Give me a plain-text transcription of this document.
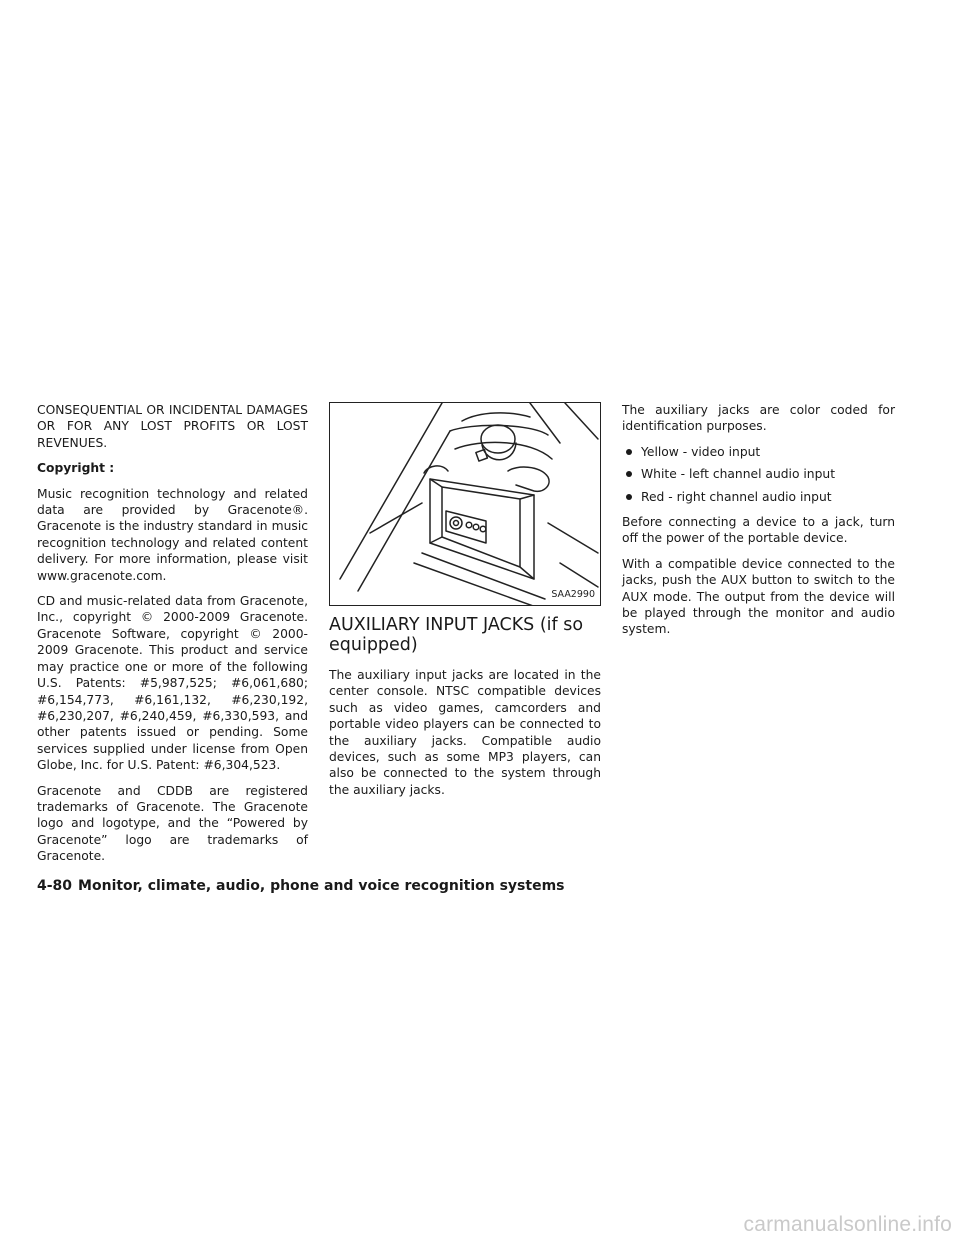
CONSEQUENTIAL OR INCIDENTAL DAMAGES OR FOR ANY LOST PROFITS OR LOST REVENUES.

Copyright :

Music recognition technology and related data are provided by Gracenote®. Gracenote is the industry standard in music recognition technology and related content delivery. For more information, please visit www.gracenote.com.

CD and music-related data from Gracenote, Inc., copyright © 2000-2009 Gracenote. Gracenote Software, copyright © 2000-2009 Gracenote. This product and service may practice one or more of the following U.S. Patents: #5,987,525; #6,061,680; #6,154,773, #6,161,132, #6,230,192, #6,230,207, #6,240,459, #6,330,593, and other patents issued or pending. Some services supplied under license from Open Globe, Inc. for U.S. Patent: #6,304,523.

Gracenote and CDDB are registered trademarks of Gracenote. The Gracenote logo and logotype, and the “Powered by Gracenote” logo are trademarks of Gracenote.

SAA2990
AUXILIARY INPUT JACKS (if so equipped)

The auxiliary input jacks are located in the center console. NTSC compatible devices such as video games, camcorders and portable video players can be connected to the auxiliary jacks. Compatible audio devices, such as some MP3 players, can also be connected to the system through the auxiliary jacks.

The auxiliary jacks are color coded for identification purposes.

Yellow - video input
White - left channel audio input
Red - right channel audio input

Before connecting a device to a jack, turn off the power of the portable device.

With a compatible device connected to the jacks, push the AUX button to switch to the AUX mode. The output from the device will be played through the monitor and audio system.

4-80 Monitor, climate, audio, phone and voice recognition systems
carmanualsonline.info
